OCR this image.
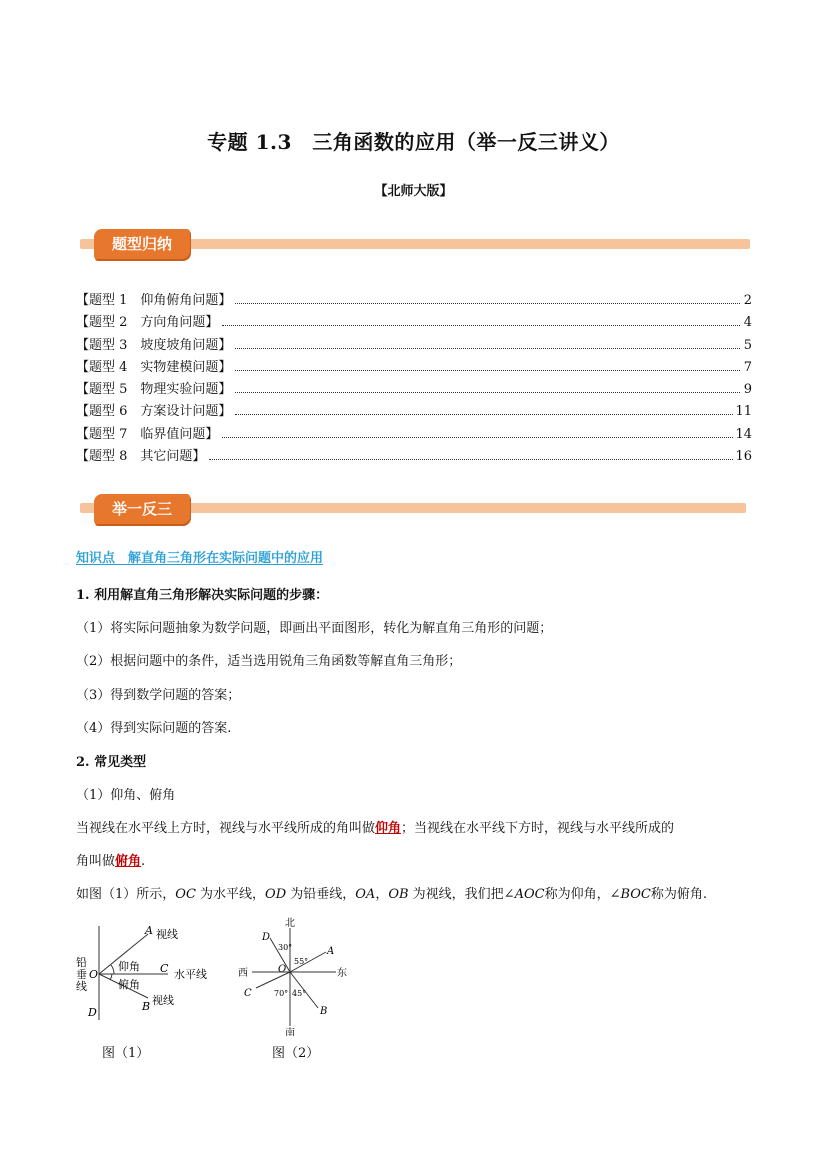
专题 1.3　三角函数的应用（举一反三讲义）
【北师大版】
题型归纳
【题型 1　仰角俯角问题】	2
【题型 2　方向角问题】	4
【题型 3　坡度坡角问题】	5
【题型 4　实物建模问题】	7
【题型 5　物理实验问题】	9
【题型 6　方案设计问题】	11
【题型 7　临界值问题】	14
【题型 8　其它问题】	16
举一反三
知识点　解直角三角形在实际问题中的应用
1. 利用解直角三角形解决实际问题的步骤：
（1）将实际问题抽象为数学问题，即画出平面图形，转化为解直角三角形的问题；
（2）根据问题中的条件，适当选用锐角三角函数等解直角三角形；
（3）得到数学问题的答案；
（4）得到实际问题的答案.
2. 常见类型
（1）仰角、俯角
当视线在水平线上方时，视线与水平线所成的角叫做仰角；当视线在水平线下方时，视线与水平线所成的
角叫做俯角.
如图（1）所示，OC 为水平线，OD 为铅垂线，OA，OB 为视线，我们把∠AOC称为仰角，∠BOC称为俯角.
A 视线
O
仰角 C 水平线
俯角
B 视线
D
铅
垂
线
图（1）
北
南
西	东
D
A
C
B
O
30°
55°
70° 45°
图（2）
